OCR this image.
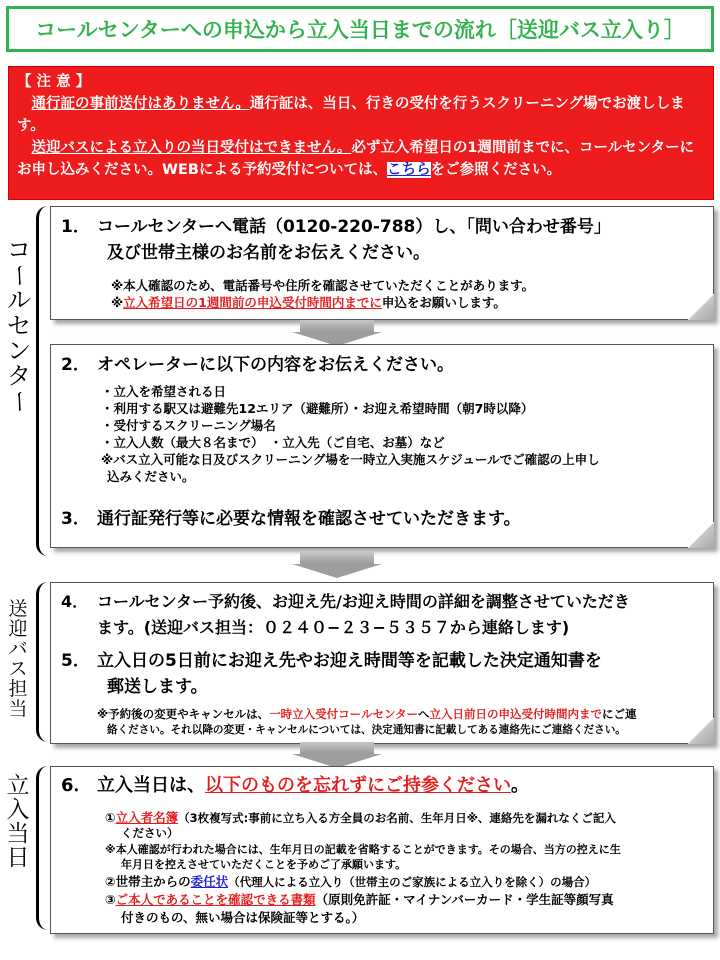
コールセンターへの申込から立入当日までの流れ［送迎バス立入り］

【 注 意 】

　通行証の事前送付はありません。通行証は、当日、行きの受付を行うスクリーニング場でお渡しします。

　送迎バスによる立入りの当日受付はできません。必ず立入希望日の1週間前までに、コールセンターにお申し込みください。WEBによる予約受付については、こちらをご参照ください。

コ
ー
ル
セ
ン
タ
ー
送
迎
バ
ス
担
当
立
入
当
日
1． コールセンターへ電話（0120-220-788）し、「問い合わせ番号」
及び世帯主様のお名前をお伝えください。
※本人確認のため、電話番号や住所を確認させていただくことがあります。
※立入希望日の1週間前の申込受付時間内までに申込をお願いします。
2． オペレーターに以下の内容をお伝えください。
・立入を希望される日
・利用する駅又は避難先12エリア（避難所）・お迎え希望時間（朝7時以降）
・受付するスクリーニング場名
・立入人数（最大８名まで）　・立入先（ご自宅、お墓）など
※バス立入可能な日及びスクリーニング場を一時立入実施スケジュールでご確認の上申し
込みください。
3． 通行証発行等に必要な情報を確認させていただきます。
4． コールセンター予約後、お迎え先/お迎え時間の詳細を調整させていただき
ます。(送迎バス担当：０２４０−２３−５３５７から連絡します)
5． 立入日の5日前にお迎え先やお迎え時間等を記載した決定通知書を
郵送します。
※予約後の変更やキャンセルは、一時立入受付コールセンターへ立入日前日の申込受付時間内までにご連
絡ください。それ以降の変更・キャンセルについては、決定通知書に記載してある連絡先にご連絡ください。
6． 立入当日は、以下のものを忘れずにご持参ください。
①立入者名簿（3枚複写式:事前に立ち入る方全員のお名前、生年月日※、連絡先を漏れなくご記入
ください）
※本人確認が行われた場合には、生年月日の記載を省略することができます。その場合、当方の控えに生
年月日を控えさせていただくことを予めご了承願います。
②世帯主からの委任状（代理人による立入り（世帯主のご家族による立入りを除く）の場合）
③ご本人であることを確認できる書類（原則免許証・マイナンバーカード・学生証等顔写真
付きのもの、無い場合は保険証等とする。）
